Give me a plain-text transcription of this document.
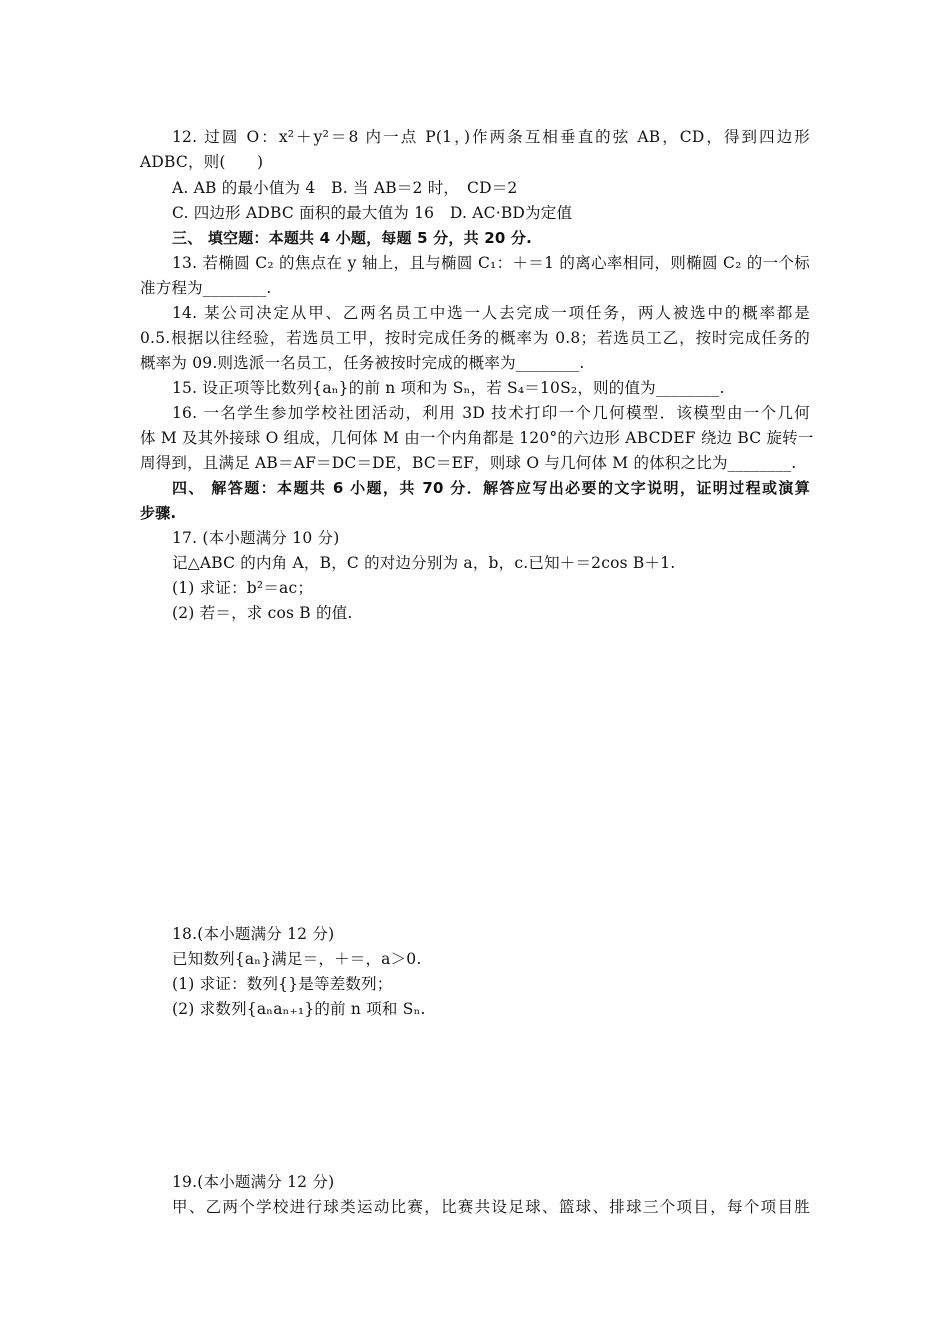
12. 过圆 O：x²＋y²＝8 内一点 P(1，)作两条互相垂直的弦 AB，CD，得到四边形

ADBC，则(　　)

A. AB 的最小值为 4　B. 当 AB＝2 时，　CD＝2

C. 四边形 ADBC 面积的最大值为 16　D. AC·BD为定值

三、 填空题：本题共 4 小题，每题 5 分，共 20 分.

13. 若椭圆 C₂ 的焦点在 y 轴上，且与椭圆 C₁：＋＝1 的离心率相同，则椭圆 C₂ 的一个标

准方程为________.

14. 某公司决定从甲、乙两名员工中选一人去完成一项任务，两人被选中的概率都是

0.5.根据以往经验，若选员工甲，按时完成任务的概率为 0.8；若选员工乙，按时完成任务的

概率为 09.则选派一名员工，任务被按时完成的概率为________.

15. 设正项等比数列{aₙ}的前 n 项和为 Sₙ，若 S₄＝10S₂，则的值为________.

16. 一名学生参加学校社团活动，利用 3D 技术打印一个几何模型．该模型由一个几何

体 M 及其外接球 O 组成，几何体 M 由一个内角都是 120°的六边形 ABCDEF 绕边 BC 旋转一

周得到，且满足 AB＝AF＝DC＝DE，BC＝EF，则球 O 与几何体 M 的体积之比为________.

四、 解答题：本题共 6 小题，共 70 分．解答应写出必要的文字说明，证明过程或演算

步骤.

17. (本小题满分 10 分)

记△ABC 的内角 A，B，C 的对边分别为 a，b，c.已知＋＝2cos B＋1.

(1) 求证：b²＝ac；

(2) 若＝，求 cos B 的值.

18.(本小题满分 12 分)

已知数列{aₙ}满足＝，＋＝，a＞0.

(1) 求证：数列{}是等差数列；

(2) 求数列{aₙaₙ₊₁}的前 n 项和 Sₙ.

19.(本小题满分 12 分)

甲、乙两个学校进行球类运动比赛，比赛共设足球、篮球、排球三个项目，每个项目胜
